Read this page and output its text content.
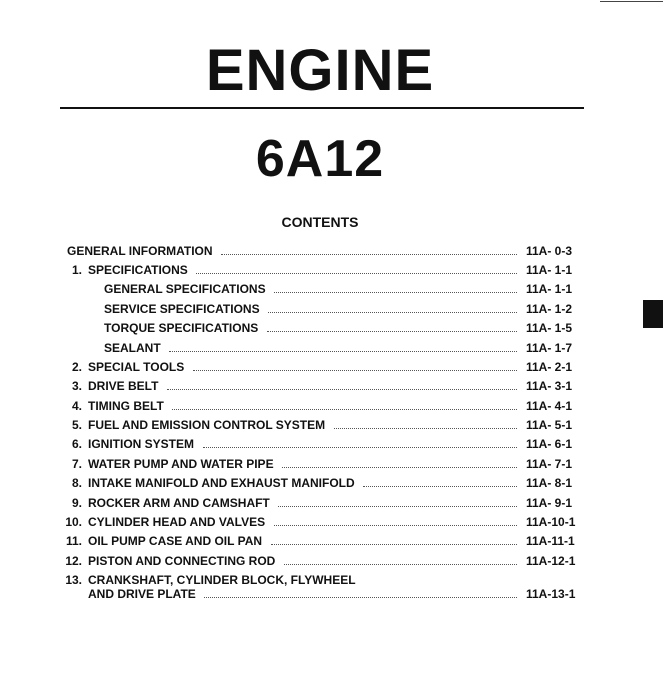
ENGINE
6A12
CONTENTS
GENERAL INFORMATION	11A- 0-3
1. SPECIFICATIONS	11A- 1-1
GENERAL SPECIFICATIONS	11A- 1-1
SERVICE SPECIFICATIONS	11A- 1-2
TORQUE SPECIFICATIONS	11A- 1-5
SEALANT	11A- 1-7
2. SPECIAL TOOLS	11A- 2-1
3. DRIVE BELT	11A- 3-1
4. TIMING BELT	11A- 4-1
5. FUEL AND EMISSION CONTROL SYSTEM	11A- 5-1
6. IGNITION SYSTEM	11A- 6-1
7. WATER PUMP AND WATER PIPE	11A- 7-1
8. INTAKE MANIFOLD AND EXHAUST MANIFOLD	11A- 8-1
9. ROCKER ARM AND CAMSHAFT	11A- 9-1
10. CYLINDER HEAD AND VALVES	11A-10-1
11. OIL PUMP CASE AND OIL PAN	11A-11-1
12. PISTON AND CONNECTING ROD	11A-12-1
13. CRANKSHAFT, CYLINDER BLOCK, FLYWHEEL
AND DRIVE PLATE	11A-13-1
